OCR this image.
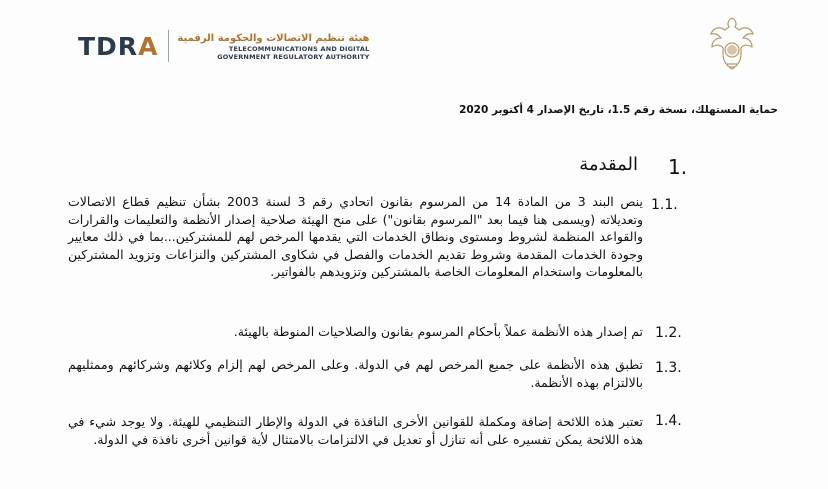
TDR A هيئة تنظيم الاتصالات والحكومة الرقمية
TELECOMMUNICATIONS AND DIGITAL
GOVERNMENT REGULATORY AUTHORITY
حماية المستهلك، نسخة رقم 1.5، تاريخ الإصدار 4 أكتوبر 2020
1.
المقدمة
1.1.
ينص البند 3 من المادة 14 من المرسوم بقانون اتحادي رقم 3 لسنة 2003 بشأن تنظيم قطاع الاتصالات وتعديلاته (ويسمى هنا فيما بعد "المرسوم بقانون") على منح الهيئة صلاحية إصدار الأنظمة والتعليمات والقرارات والقواعد المنظمة لشروط ومستوى ونطاق الخدمات التي يقدمها المرخص لهم للمشتركين...بما في ذلك معايير وجودة الخدمات المقدمة وشروط تقديم الخدمات والفصل في شكاوى المشتركين والنزاعات وتزويد المشتركين بالمعلومات واستخدام المعلومات الخاصة بالمشتركين وتزويدهم بالفواتير.
1.2.
تم إصدار هذه الأنظمة عملاً بأحكام المرسوم بقانون والصلاحيات المنوطة بالهيئة.
1.3.
تطبق هذه الأنظمة على جميع المرخص لهم في الدولة. وعلى المرخص لهم إلزام وكلائهم وشركائهم وممثليهم بالالتزام بهذه الأنظمة.
1.4.
تعتبر هذه اللائحة إضافة ومكملة للقوانين الأخرى النافذة في الدولة والإطار التنظيمي للهيئة. ولا يوجد شيء في هذه اللائحة يمكن تفسيره على أنه تنازل أو تعديل في الالتزامات بالامتثال لأية قوانين أخرى نافذة في الدولة.
